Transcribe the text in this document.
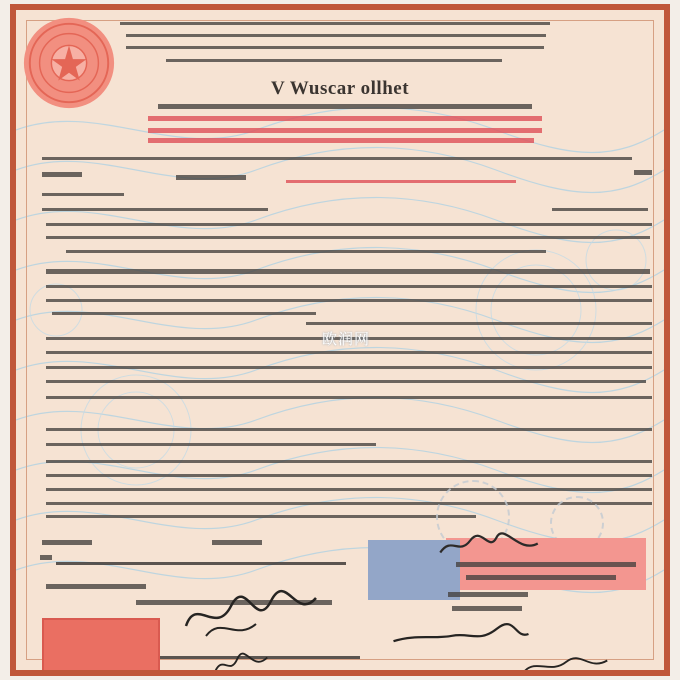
V Wuscar ollhet
欧润网
